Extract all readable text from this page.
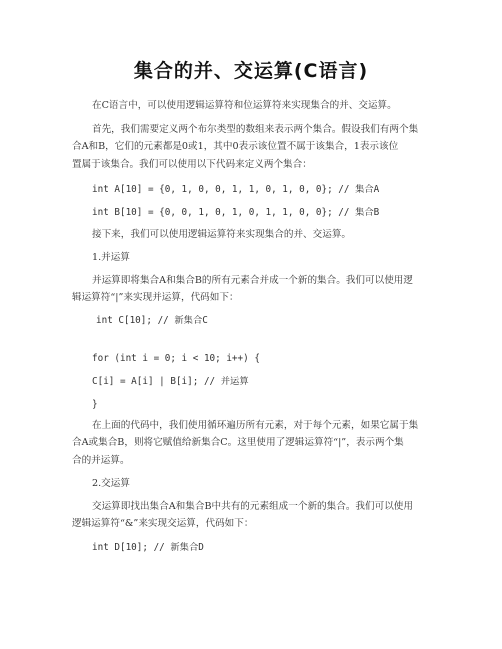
集合的并、交运算(C语言)
在C语言中，可以使用逻辑运算符和位运算符来实现集合的并、交运算。
首先，我们需要定义两个布尔类型的数组来表示两个集合。假设我们有两个集
合A和B，它们的元素都是0或1，其中0表示该位置不属于该集合，1表示该位
置属于该集合。我们可以使用以下代码来定义两个集合：
int A[10] = {0, 1, 0, 0, 1, 1, 0, 1, 0, 0}; // 集合A
int B[10] = {0, 0, 1, 0, 1, 0, 1, 1, 0, 0}; // 集合B
接下来，我们可以使用逻辑运算符来实现集合的并、交运算。
1.并运算
并运算即将集合A和集合B的所有元素合并成一个新的集合。我们可以使用逻
辑运算符“|”来实现并运算，代码如下：
int C[10]; // 新集合C
for (int i = 0; i < 10; i++) {
C[i] = A[i] | B[i]; // 并运算
}
在上面的代码中，我们使用循环遍历所有元素，对于每个元素，如果它属于集
合A或集合B，则将它赋值给新集合C。这里使用了逻辑运算符“|”，表示两个集
合的并运算。
2.交运算
交运算即找出集合A和集合B中共有的元素组成一个新的集合。我们可以使用
逻辑运算符“&”来实现交运算，代码如下：
int D[10]; // 新集合D
